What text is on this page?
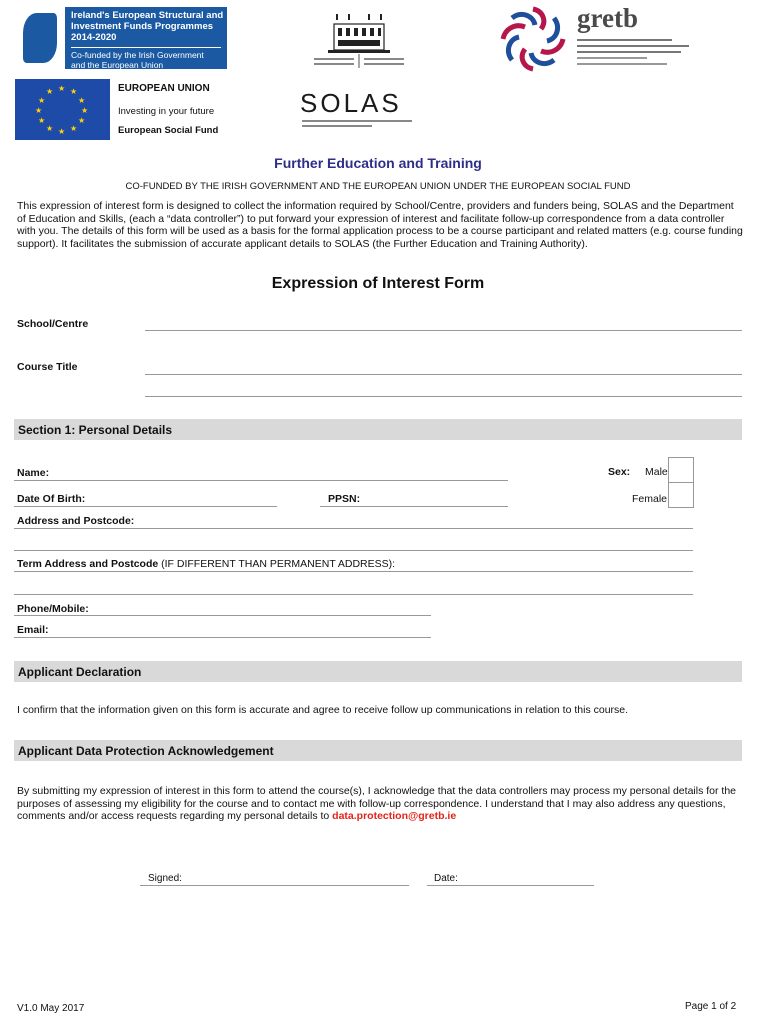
Ireland's European Structural and
Investment Funds Programmes
2014-2020
Co-funded by the Irish Government
and the European Union
★ ★
★
★
★
★
★
★
★
★
★
★	EUROPEAN UNION
Investing in your future
European Social Fund
SOLAS
gretb
Further Education and Training
CO-FUNDED BY THE IRISH GOVERNMENT AND THE EUROPEAN UNION UNDER THE EUROPEAN SOCIAL FUND
This expression of interest form is designed to collect the information required by School/Centre, providers and funders being, SOLAS and the Department of Education and Skills, (each a “data controller”) to put forward your expression of interest and facilitate follow-up correspondence from a data controller with you. The details of this form will be used as a basis for the formal application process to be a course participant and related matters (e.g. course funding support). It facilitates the submission of accurate applicant details to SOLAS (the Further Education and Training Authority).
Expression of Interest Form
School/Centre
Course Title
Section 1: Personal Details
Name:	Sex: Male
Female
Date Of Birth:	PPSN:
Address and Postcode:
Term Address and Postcode (IF DIFFERENT THAN PERMANENT ADDRESS):
Phone/Mobile:
Email:
Applicant Declaration
I confirm that the information given on this form is accurate and agree to receive follow up communications in relation to this course.
Applicant Data Protection Acknowledgement
By submitting my expression of interest in this form to attend the course(s), I acknowledge that the data controllers may process my personal details for the purposes of assessing my eligibility for the course and to contact me with follow-up correspondence. I understand that I may also address any questions, comments and/or access requests regarding my personal details to data.protection@gretb.ie
Signed:	Date:
V1.0 May 2017	Page 1 of 2
